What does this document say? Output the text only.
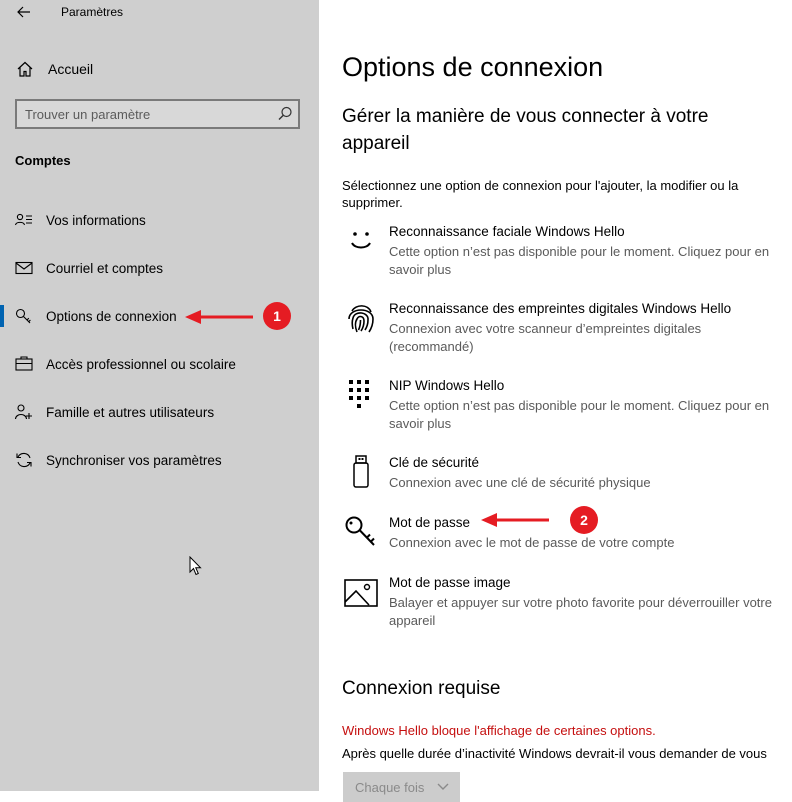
Paramètres
Accueil
Trouver un paramètre
Comptes
Vos informations
Courriel et comptes
Options de connexion
Accès professionnel ou scolaire
Famille et autres utilisateurs
Synchroniser vos paramètres
1
Options de connexion
Gérer la manière de vous connecter à votre appareil
Sélectionnez une option de connexion pour l'ajouter, la modifier ou la supprimer.
Reconnaissance faciale Windows Hello
Cette option n’est pas disponible pour le moment. Cliquez pour en savoir plus
Reconnaissance des empreintes digitales Windows Hello
Connexion avec votre scanneur d’empreintes digitales (recommandé)
NIP Windows Hello
Cette option n’est pas disponible pour le moment. Cliquez pour en savoir plus
Clé de sécurité
Connexion avec une clé de sécurité physique
Mot de passe
Connexion avec le mot de passe de votre compte
Mot de passe image
Balayer et appuyer sur votre photo favorite pour déverrouiller votre appareil
2
Connexion requise
Windows Hello bloque l'affichage de certaines options.
Après quelle durée d’inactivité Windows devrait-il vous demander de vous
Chaque fois
